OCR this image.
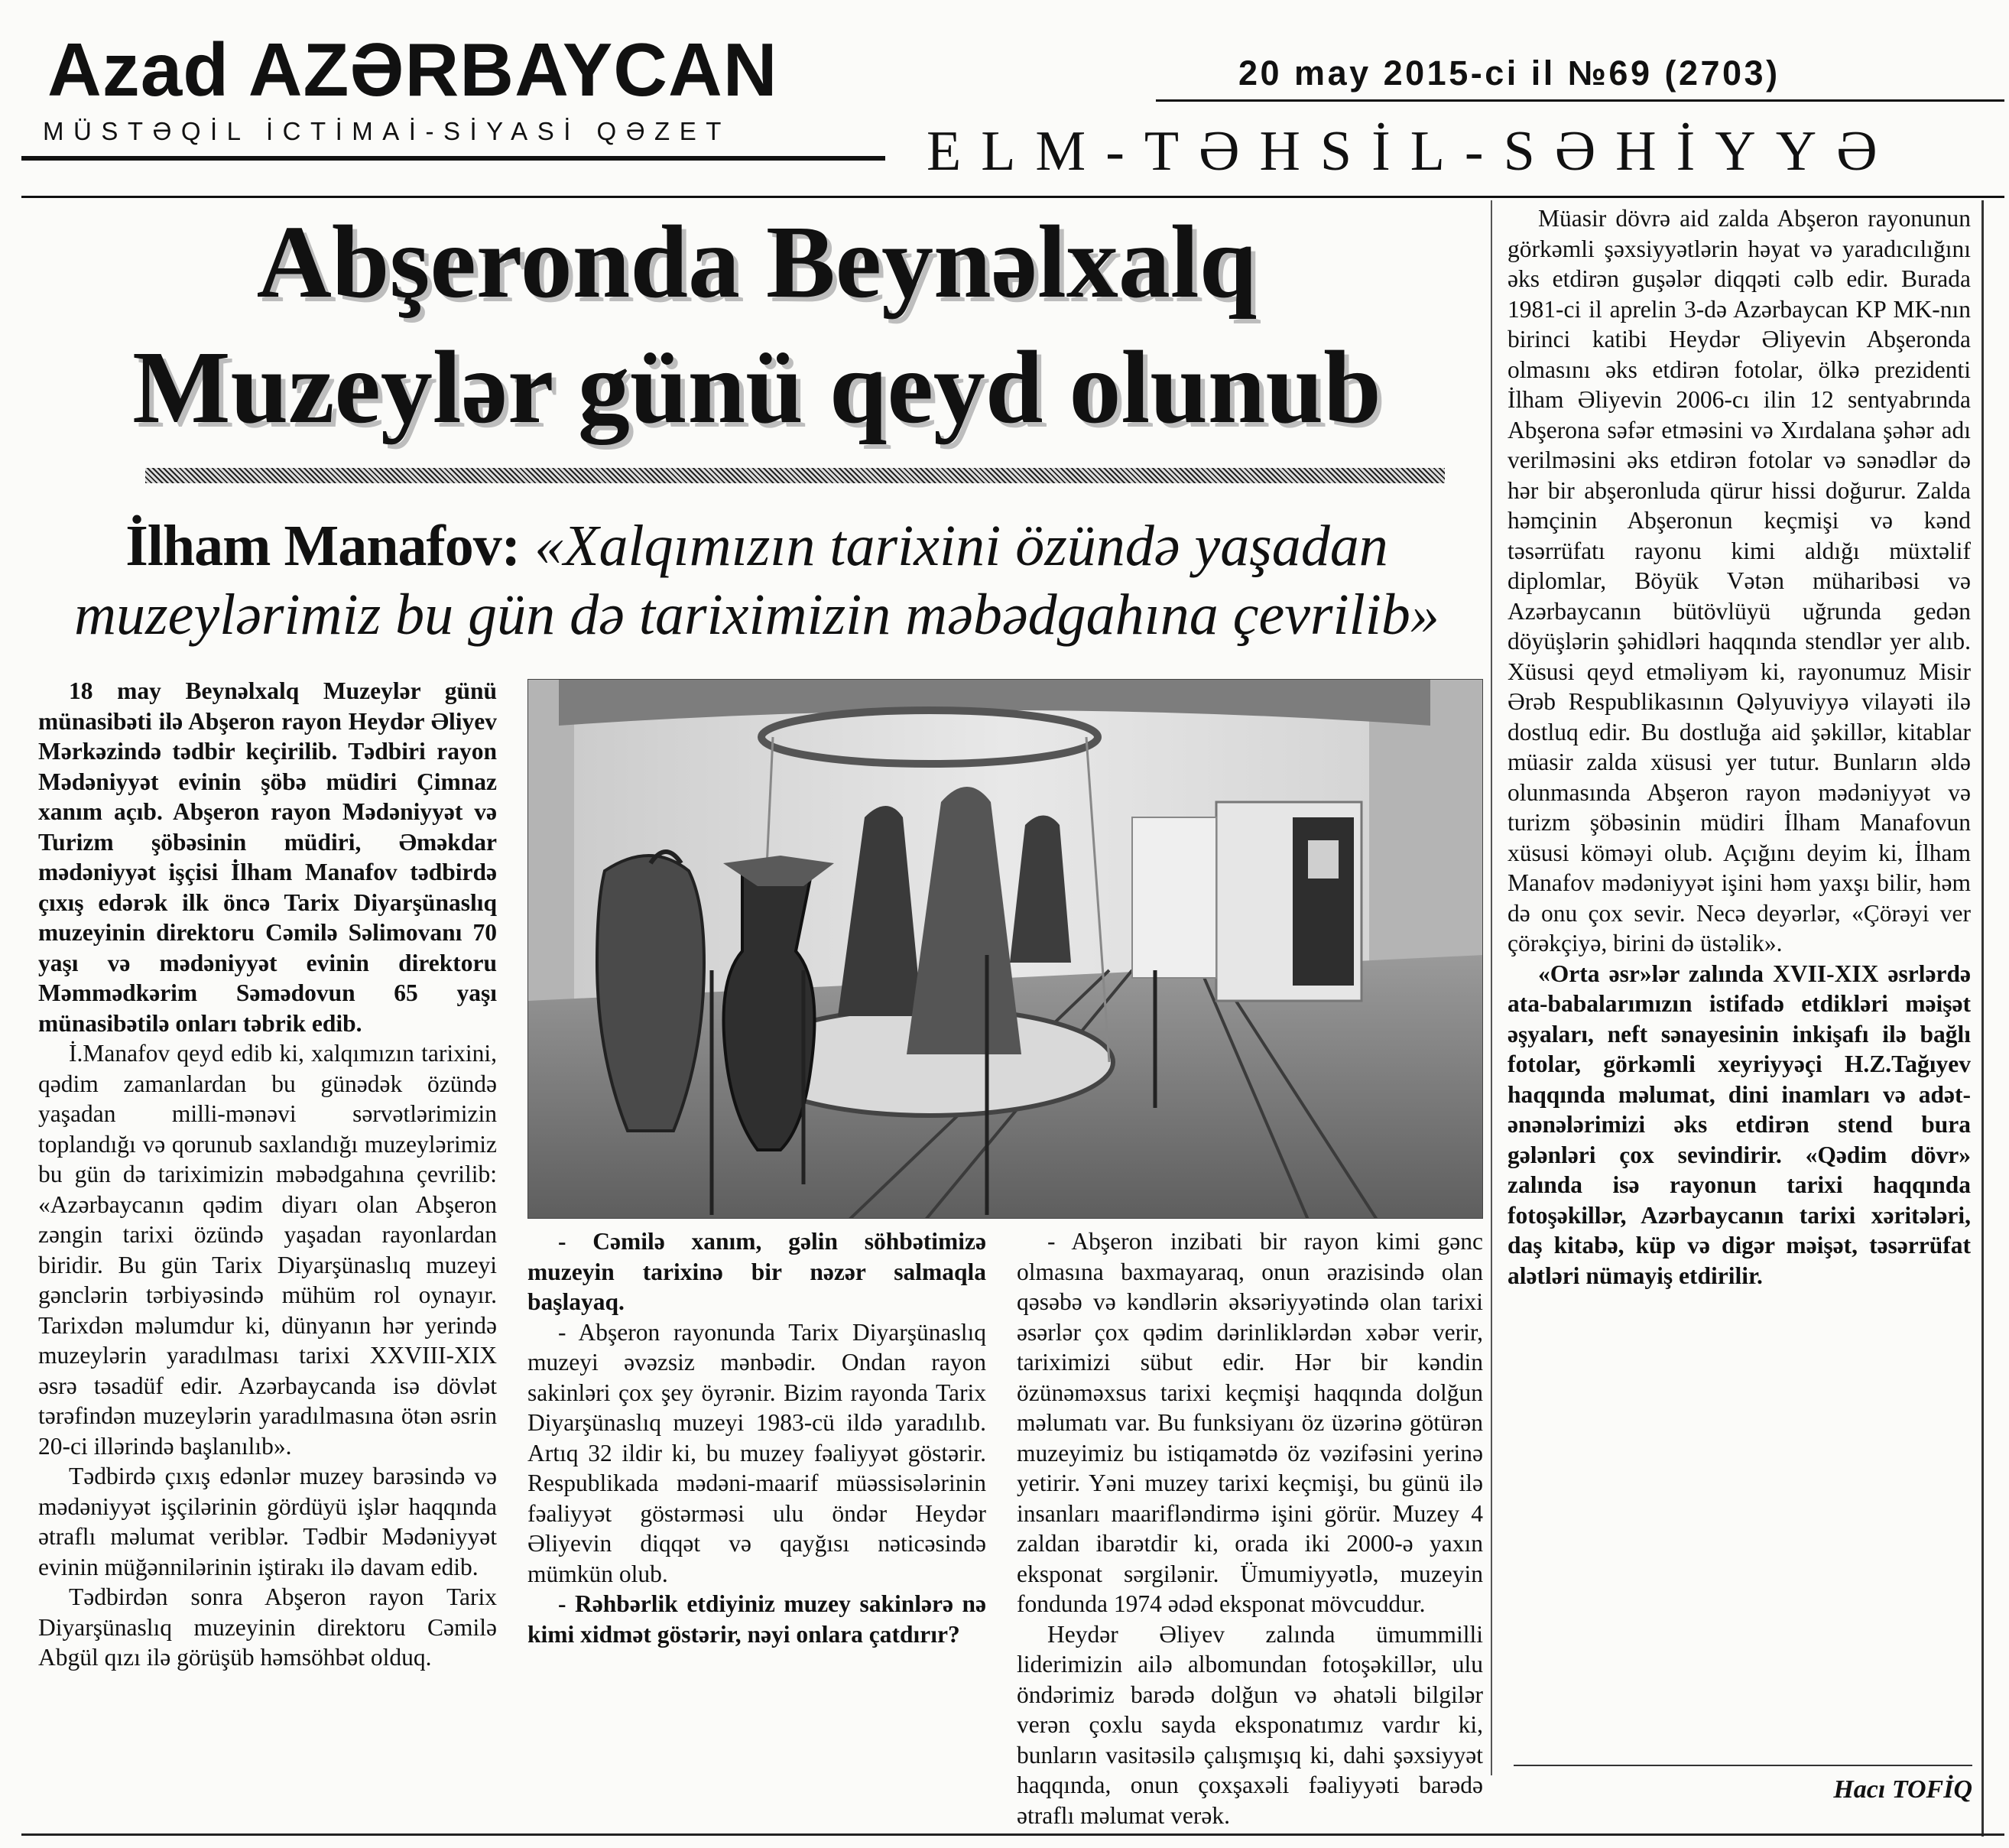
Azad AZƏRBAYCAN
MÜSTƏQİL İCTİMAİ-SİYASİ QƏZET
20 may 2015-ci il №69 (2703)
ELM-TƏHSİL-SƏHİYYƏ
Abşeronda Beynəlxalq
Muzeylər günü qeyd olunub
İlham Manafov: «Xalqımızın tarixini özündə yaşadan
muzeylərimiz bu gün də tariximizin məbədgahına çevrilib»

18 may Beynəlxalq Muzeylər günü münasibəti ilə Abşeron rayon Heydər Əliyev Mərkəzində tədbir keçirilib. Tədbiri rayon Mədəniyyət evinin şöbə müdiri Çimnaz xanım açıb. Abşeron rayon Mədəniyyət və Turizm şöbəsinin müdiri, Əməkdar mədəniyyət işçisi İlham Manafov tədbirdə çıxış edərək ilk öncə Tarix Diyarşünaslıq muzeyinin direktoru Cəmilə Səlimovanı 70 yaşı və mədəniyyət evinin direktoru Məmmədkərim Səmədovun 65 yaşı münasibətilə onları təbrik edib.

İ.Manafov qeyd edib ki, xalqımızın tarixini, qədim zamanlardan bu günədək özündə yaşadan milli-mənəvi sərvətlərimizin toplandığı və qorunub saxlandığı muzeylərimiz bu gün də tariximizin məbədgahına çevrilib: «Azərbaycanın qədim diyarı olan Abşeron zəngin tarixi özündə yaşadan rayonlardan biridir. Bu gün Tarix Diyarşünaslıq muzeyi gənclərin tərbiyəsində mühüm rol oynayır. Tarixdən məlumdur ki, dünyanın hər yerində muzeylərin yaradılması tarixi XXVIII-XIX əsrə təsadüf edir. Azərbaycanda isə dövlət tərəfindən muzeylərin yaradılmasına ötən əsrin 20-ci illərində başlanılıb».

Tədbirdə çıxış edənlər muzey barəsində və mədəniyyət işçilərinin gördüyü işlər haqqında ətraflı məlumat veriblər. Tədbir Mədəniyyət evinin müğənnilərinin iştirakı ilə davam edib.

Tədbirdən sonra Abşeron rayon Tarix Diyarşünaslıq muzeyinin direktoru Cəmilə Abgül qızı ilə görüşüb həmsöhbət olduq.

- Cəmilə xanım, gəlin söhbətimizə muzeyin tarixinə bir nəzər salmaqla başlayaq.

- Abşeron rayonunda Tarix Diyarşünaslıq muzeyi əvəzsiz mənbədir. Ondan rayon sakinləri çox şey öyrənir. Bizim rayonda Tarix Diyarşünaslıq muzeyi 1983-cü ildə yaradılıb. Artıq 32 ildir ki, bu muzey fəaliyyət göstərir. Respublikada mədəni-maarif müəssisələrinin fəaliyyət göstərməsi ulu öndər Heydər Əliyevin diqqət və qayğısı nəticəsində mümkün olub.

- Rəhbərlik etdiyiniz muzey sakinlərə nə kimi xidmət göstərir, nəyi onlara çatdırır?

- Abşeron inzibati bir rayon kimi gənc olmasına baxmayaraq, onun ərazisində olan qəsəbə və kəndlərin əksəriyyətində olan tarixi əsərlər çox qədim dərinliklərdən xəbər verir, tariximizi sübut edir. Hər bir kəndin özünəməxsus tarixi keçmişi haqqında dolğun məlumatı var. Bu funksiyanı öz üzərinə götürən muzeyimiz bu istiqamətdə öz vəzifəsini yerinə yetirir. Yəni muzey tarixi keçmişi, bu günü ilə insanları maarifləndirmə işini görür. Muzey 4 zaldan ibarətdir ki, orada iki 2000-ə yaxın eksponat sərgilənir. Ümumiyyətlə, muzeyin fondunda 1974 ədəd eksponat mövcuddur.

Heydər Əliyev zalında ümummilli liderimizin ailə albomundan fotoşəkillər, ulu öndərimiz barədə dolğun və əhatəli bilgilər verən çoxlu sayda eksponatımız vardır ki, bunların vasitəsilə çalışmışıq ki, dahi şəxsiyyət haqqında, onun çoxşaxəli fəaliyyəti barədə ətraflı məlumat verək.

Müasir dövrə aid zalda Abşeron rayonunun görkəmli şəxsiyyətlərin həyat və yaradıcılığını əks etdirən guşələr diqqəti cəlb edir. Burada 1981-ci il aprelin 3-də Azərbaycan KP MK-nın birinci katibi Heydər Əliyevin Abşeronda olmasını əks etdirən fotolar, ölkə prezidenti İlham Əliyevin 2006-cı ilin 12 sentyabrında Abşerona səfər etməsini və Xırdalana şəhər adı verilməsini əks etdirən fotolar və sənədlər də hər bir abşeronluda qürur hissi doğurur. Zalda həmçinin Abşeronun keçmişi və kənd təsərrüfatı rayonu kimi aldığı müxtəlif diplomlar, Böyük Vətən müharibəsi və Azərbaycanın bütövlüyü uğrunda gedən döyüşlərin şəhidləri haqqında stendlər yer alıb. Xüsusi qeyd etməliyəm ki, rayonumuz Misir Ərəb Respublikasının Qəlyuviyyə vilayəti ilə dostluq edir. Bu dostluğa aid şəkillər, kitablar müasir zalda xüsusi yer tutur. Bunların əldə olunmasında Abşeron rayon mədəniyyət və turizm şöbəsinin müdiri İlham Manafovun xüsusi köməyi olub. Açığını deyim ki, İlham Manafov mədəniyyət işini həm yaxşı bilir, həm də onu çox sevir. Necə deyərlər, «Çörəyi ver çörəkçiyə, birini də üstəlik».

«Orta əsr»lər zalında XVII-XIX əsrlərdə ata-babalarımızın istifadə etdikləri məişət əşyaları, neft sənayesinin inkişafı ilə bağlı fotolar, görkəmli xeyriyyəçi H.Z.Tağıyev haqqında məlumat, dini inamları və adət-ənənələrimizi əks etdirən stend bura gələnləri çox sevindirir. «Qədim dövr» zalında isə rayonun tarixi haqqında fotoşəkillər, Azərbaycanın tarixi xəritələri, daş kitabə, küp və digər məişət, təsərrüfat alətləri nümayiş etdirilir.

Hacı TOFİQ
